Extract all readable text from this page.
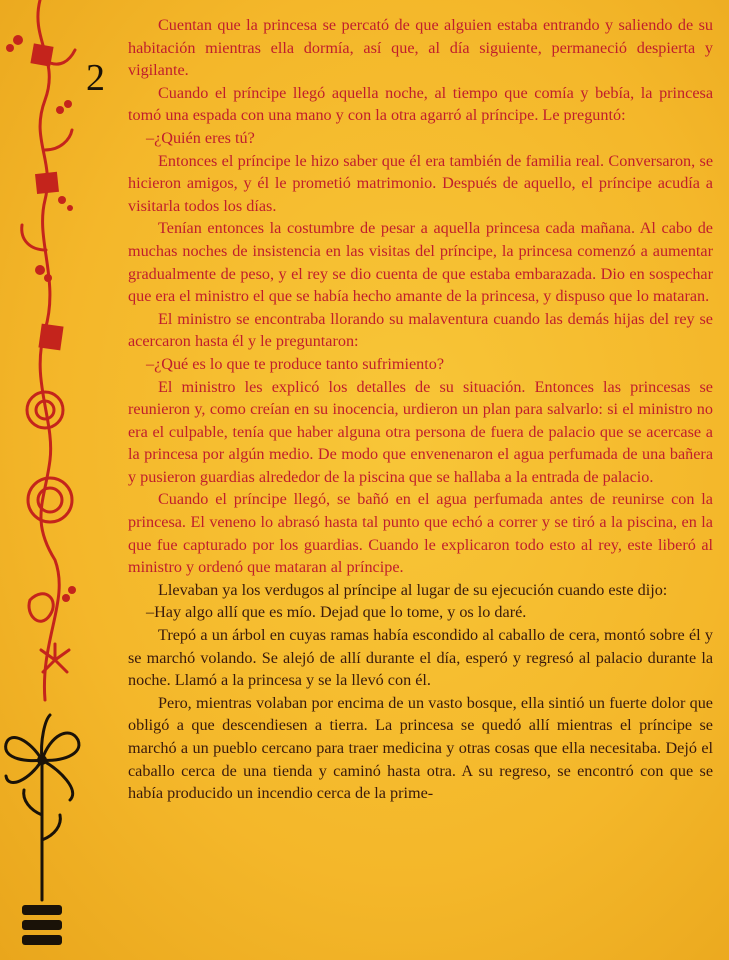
2

Cuentan que la princesa se percató de que alguien estaba entrando y saliendo de su habitación mientras ella dormía, así que, al día siguiente, permaneció despierta y vigilante.

Cuando el príncipe llegó aquella noche, al tiempo que comía y bebía, la princesa tomó una espada con una mano y con la otra agarró al príncipe. Le preguntó:

–¿Quién eres tú?

Entonces el príncipe le hizo saber que él era también de familia real. Conversaron, se hicieron amigos, y él le prometió matrimonio. Después de aquello, el príncipe acudía a visitarla todos los días.

Tenían entonces la costumbre de pesar a aquella princesa cada mañana. Al cabo de muchas noches de insistencia en las visitas del príncipe, la princesa comenzó a aumentar gradualmente de peso, y el rey se dio cuenta de que estaba embarazada. Dio en sospechar que era el ministro el que se había hecho amante de la princesa, y dispuso que lo mataran.

El ministro se encontraba llorando su malaventura cuando las demás hijas del rey se acercaron hasta él y le preguntaron:

–¿Qué es lo que te produce tanto sufrimiento?

El ministro les explicó los detalles de su situación. Entonces las princesas se reunieron y, como creían en su inocencia, urdieron un plan para salvarlo: si el ministro no era el culpable, tenía que haber alguna otra persona de fuera de palacio que se acercase a la princesa por algún medio. De modo que envenenaron el agua perfumada de una bañera y pusieron guardias alrededor de la piscina que se hallaba a la entrada de palacio.

Cuando el príncipe llegó, se bañó en el agua perfumada antes de reunirse con la princesa. El veneno lo abrasó hasta tal punto que echó a correr y se tiró a la piscina, en la que fue capturado por los guardias. Cuando le explicaron todo esto al rey, este liberó al ministro y ordenó que mataran al príncipe.

Llevaban ya los verdugos al príncipe al lugar de su ejecución cuando este dijo:

–Hay algo allí que es mío. Dejad que lo tome, y os lo daré.

Trepó a un árbol en cuyas ramas había escondido al caballo de cera, montó sobre él y se marchó volando. Se alejó de allí durante el día, esperó y regresó al palacio durante la noche. Llamó a la princesa y se la llevó con él.

Pero, mientras volaban por encima de un vasto bosque, ella sintió un fuerte dolor que obligó a que descendiesen a tierra. La princesa se quedó allí mientras el príncipe se marchó a un pueblo cercano para traer medicina y otras cosas que ella necesitaba. Dejó el caballo cerca de una tienda y caminó hasta otra. A su regreso, se encontró con que se había producido un incendio cerca de la prime-
